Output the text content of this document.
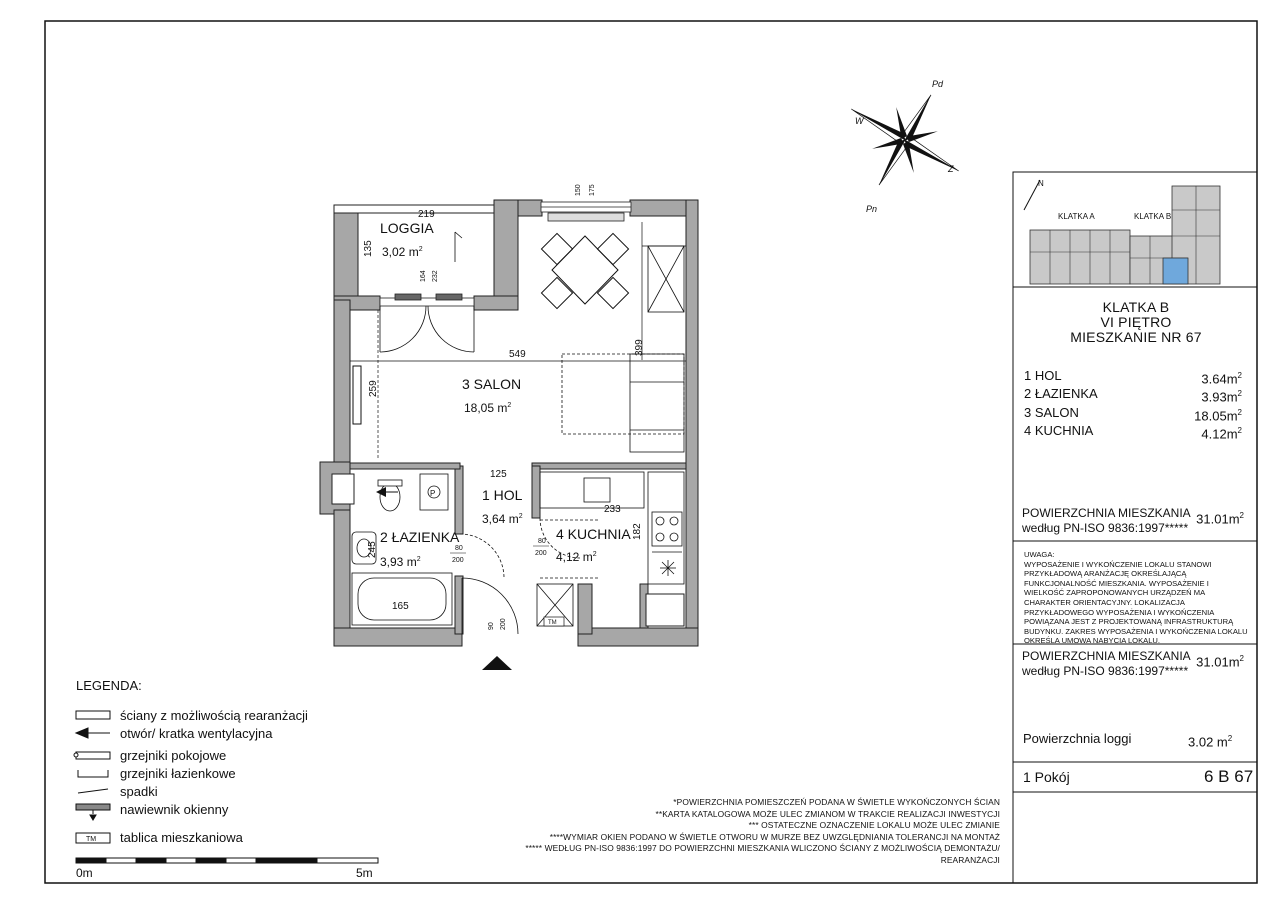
KLATKA A	KLATKA B
N
Pd
W
Z
Pn
P
TM
LOGGIA
3,02 $m^2$
3 SALON
18,05 $m^2$
1 HOL
3,64 $m^2$
2 ŁAZIENKA
3,93 $m^2$
4 KUCHNIA
4,12 $m^2$
219
135
549
259
399
125
245
165
233
182
150 175
164 232
80
200
80
200
90 200
TM
0m	5m
KLATKA B
VI PIĘTRO
MIESZKANIE NR 67
1 HOL	$3.64m^2$
2 ŁAZIENKA	$3.93m^2$
3 SALON	$18.05m^2$
4 KUCHNIA	$4.12m^2$
POWIERZCHNIA MIESZKANIA
według PN-ISO 9836:1997*****
$31.01m^2$
UWAGA:
WYPOSAŻENIE I WYKOŃCZENIE LOKALU STANOWI PRZYKŁADOWĄ ARANŻACJĘ OKREŚLAJĄCĄ FUNKCJONALNOŚĆ MIESZKANIA. WYPOSAŻENIE I WIELKOŚĆ ZAPROPONOWANYCH URZĄDZEŃ MA CHARAKTER ORIENTACYJNY. LOKALIZACJA PRZYKŁADOWEGO WYPOSAŻENIA I WYKOŃCZENIA POWIĄZANA JEST Z PROJEKTOWANĄ INFRASTRUKTURĄ BUDYNKU. ZAKRES WYPOSAŻENIA I WYKOŃCZENIA LOKALU OKREŚLA UMOWA NABYCIA LOKALU.
POWIERZCHNIA MIESZKANIA
według PN-ISO 9836:1997*****
$31.01m^2$
Powierzchnia loggi	3.02 $m^2$
1 Pokój	6 B 67
LEGENDA:
ściany z możliwością rearanżacji
otwór/ kratka wentylacyjna
grzejniki pokojowe
grzejniki łazienkowe
spadki
nawiewnik okienny
tablica mieszkaniowa
*POWIERZCHNIA POMIESZCZEŃ PODANA W ŚWIETLE WYKOŃCZONYCH ŚCIAN
**KARTA KATALOGOWA MOŻE ULEC ZMIANOM W TRAKCIE REALIZACJI INWESTYCJI
*** OSTATECZNE OZNACZENIE LOKALU MOŻE ULEC ZMIANIE
****WYMIAR OKIEN PODANO W ŚWIETLE OTWORU W MURZE BEZ UWZGLĘDNIANIA TOLERANCJI NA MONTAŻ
***** WEDŁUG PN-ISO 9836:1997 DO POWIERZCHNI MIESZKANIA WLICZONO ŚCIANY Z MOŻLIWOŚCIĄ DEMONTAŻU/
REARANŻACJI
